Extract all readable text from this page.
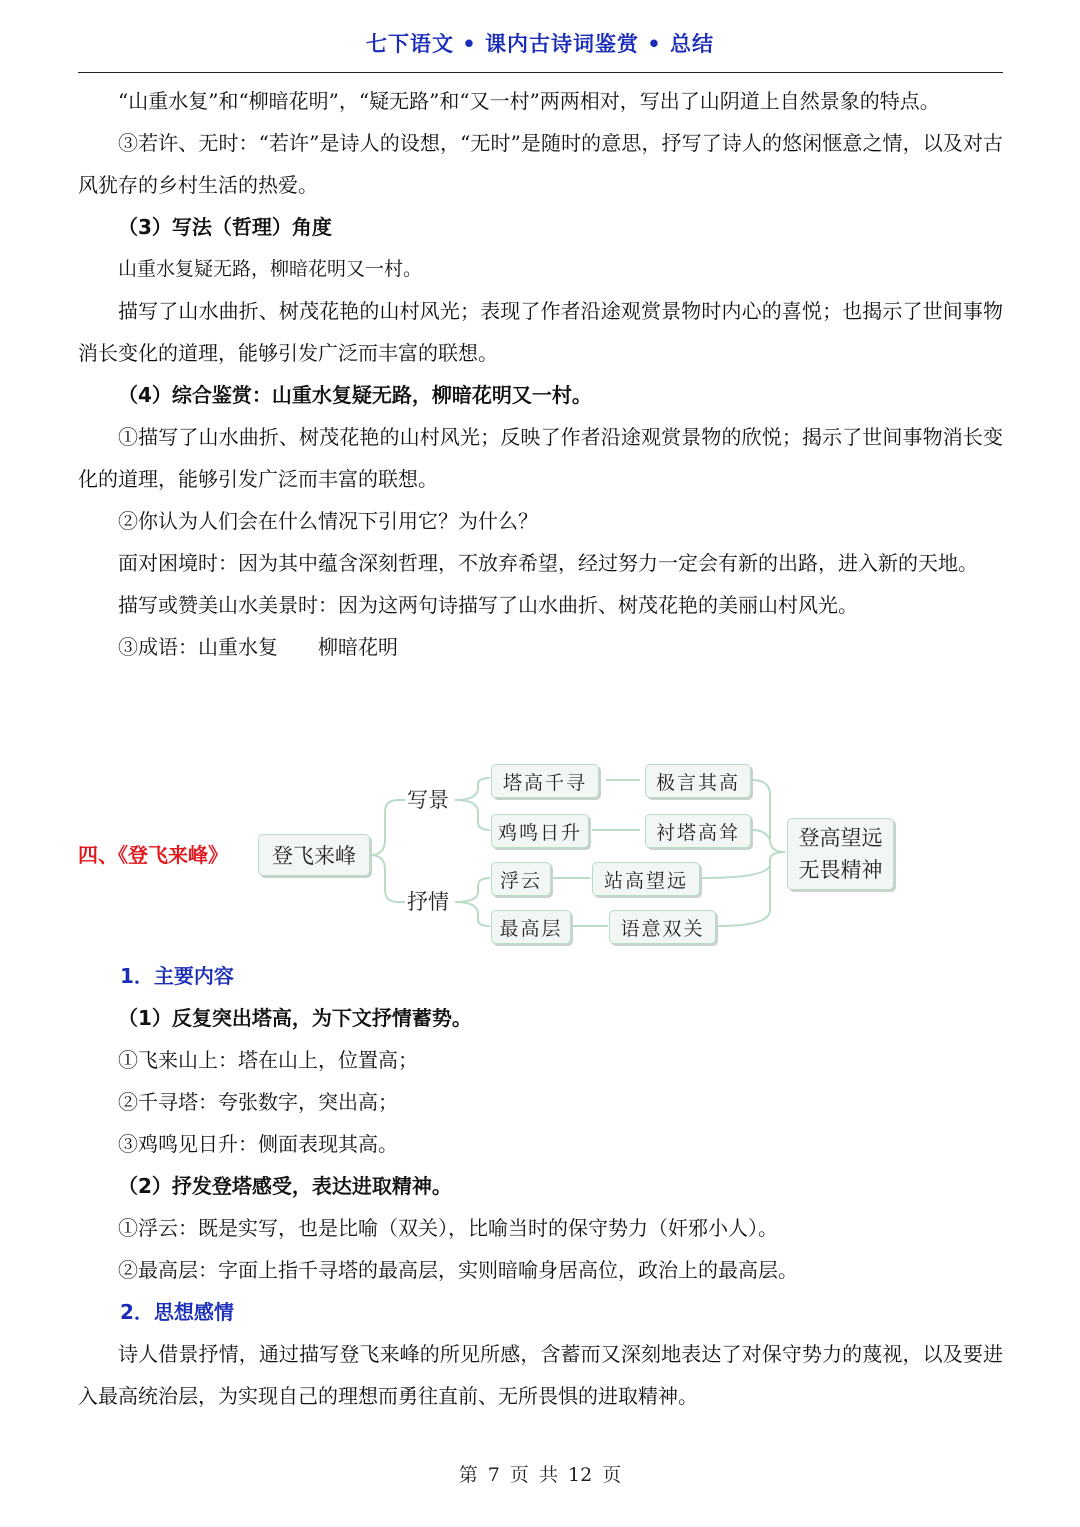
七下语文 • 课内古诗词鉴赏 • 总结

“山重水复”和“柳暗花明”，“疑无路”和“又一村”两两相对，写出了山阴道上自然景象的特点。

③若许、无时：“若许”是诗人的设想，“无时”是随时的意思，抒写了诗人的悠闲惬意之情，以及对古风犹存的乡村生活的热爱。

（3）写法（哲理）角度

山重水复疑无路，柳暗花明又一村。

描写了山水曲折、树茂花艳的山村风光；表现了作者沿途观赏景物时内心的喜悦；也揭示了世间事物消长变化的道理，能够引发广泛而丰富的联想。

（4）综合鉴赏：山重水复疑无路，柳暗花明又一村。

①描写了山水曲折、树茂花艳的山村风光；反映了作者沿途观赏景物的欣悦；揭示了世间事物消长变化的道理，能够引发广泛而丰富的联想。

②你认为人们会在什么情况下引用它？为什么？

面对困境时：因为其中蕴含深刻哲理，不放弃希望，经过努力一定会有新的出路，进入新的天地。

描写或赞美山水美景时：因为这两句诗描写了山水曲折、树茂花艳的美丽山村风光。

③成语：山重水复 柳暗花明

四、《登飞来峰》	登飞来峰
写景
抒情
塔高千寻	极言其高
鸡鸣日升	衬塔高耸
浮云	站高望远
最高层	语意双关
登高望远
无畏精神

1．主要内容

（1）反复突出塔高，为下文抒情蓄势。

①飞来山上：塔在山上，位置高；

②千寻塔：夸张数字，突出高；

③鸡鸣见日升：侧面表现其高。

（2）抒发登塔感受，表达进取精神。

①浮云：既是实写，也是比喻（双关），比喻当时的保守势力（奸邪小人）。

②最高层：字面上指千寻塔的最高层，实则暗喻身居高位，政治上的最高层。

2．思想感情

诗人借景抒情，通过描写登飞来峰的所见所感，含蓄而又深刻地表达了对保守势力的蔑视，以及要进入最高统治层，为实现自己的理想而勇往直前、无所畏惧的进取精神。

第 7 页 共 12 页
